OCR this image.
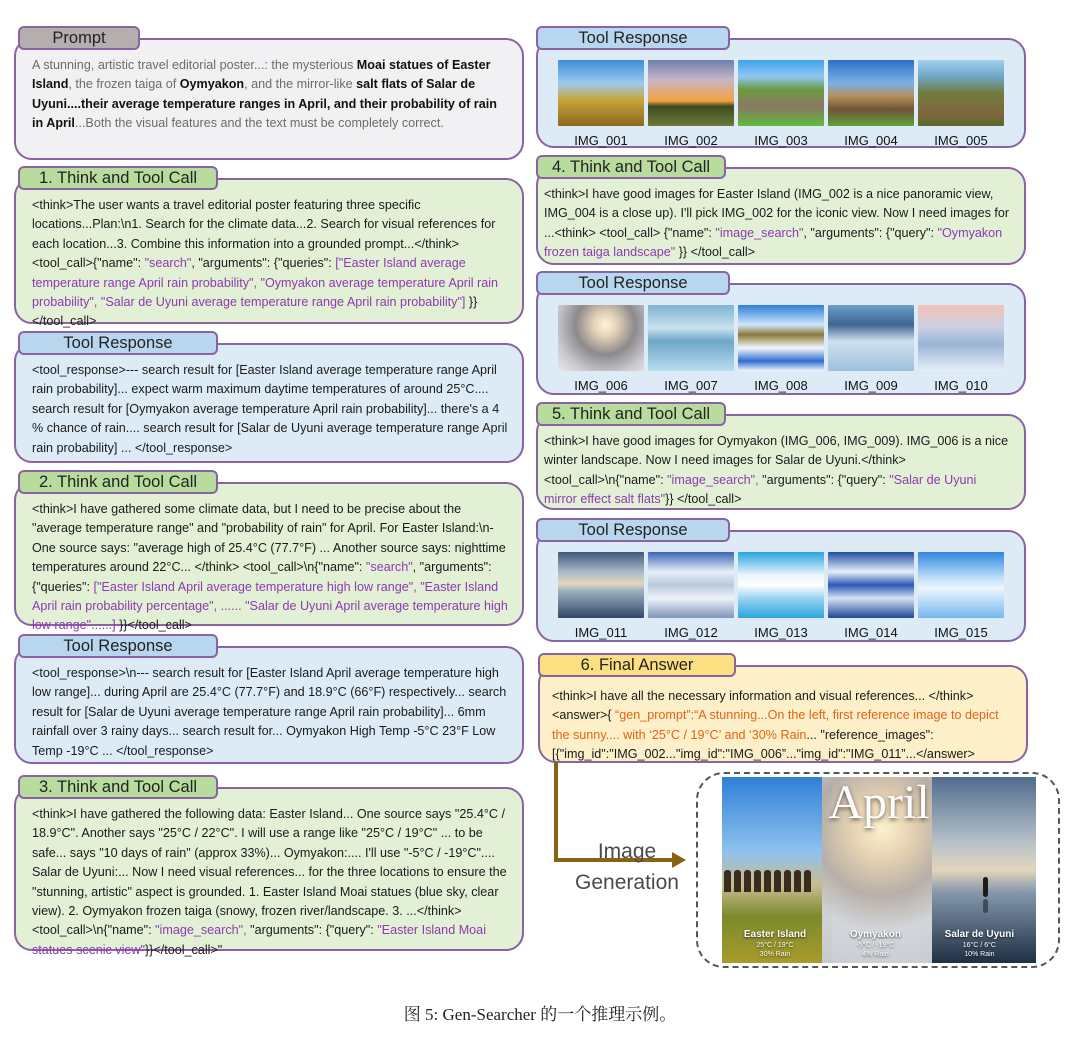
Prompt
A stunning, artistic travel editorial poster...: the mysterious Moai statues of Easter Island, the frozen taiga of Oymyakon, and the mirror-like salt flats of Salar de Uyuni....their average temperature ranges in April, and their probability of rain in April...Both the visual features and the text must be completely correct.
1. Think and Tool Call
<think>The user wants a travel editorial poster featuring three specific locations...Plan:\n1. Search for the climate data...2. Search for visual references for each location...3. Combine this information into a grounded prompt...</think> <tool_call>{"name": "search", "arguments": {"queries": ["Easter Island average temperature range April rain probability", "Oymyakon average temperature April rain probability", "Salar de Uyuni average temperature range April rain probability"] }}</tool_call>
Tool Response
<tool_response>--- search result for [Easter Island average temperature range April rain probability]... expect warm maximum daytime temperatures of around 25°C.... search result for [Oymyakon average temperature April rain probability]... there's a 4 % chance of rain.... search result for [Salar de Uyuni average temperature range April rain probability] ... </tool_response>
2. Think and Tool Call
<think>I have gathered some climate data, but I need to be precise about the "average temperature range" and "probability of rain" for April. For Easter Island:\n- One source says: "average high of 25.4°C (77.7°F) ... Another source says: nighttime temperatures around 22°C... </think> <tool_call>\n{"name": "search", "arguments": {"queries": ["Easter Island April average temperature high low range", "Easter Island April rain probability percentage", ...... "Salar de Uyuni April average temperature high low range"......] }}</tool_call>
Tool Response
<tool_response>\n--- search result for [Easter Island April average temperature high low range]... during April are 25.4°C (77.7°F) and 18.9°C (66°F) respectively... search result for [Salar de Uyuni average temperature range April rain probability]... 6mm rainfall over 3 rainy days... search result for... Oymyakon High Temp -5°C 23°F Low Temp -19°C ... </tool_response>
3. Think and Tool Call
<think>I have gathered the following data: Easter Island... One source says "25.4°C / 18.9°C". Another says "25°C / 22°C". I will use a range like "25°C / 19°C" ... to be safe... says "10 days of rain" (approx 33%)... Oymyakon:.... I'll use "-5°C / -19°C".... Salar de Uyuni:... Now I need visual references... for the three locations to ensure the "stunning, artistic" aspect is grounded. 1. Easter Island Moai statues (blue sky, clear view). 2. Oymyakon frozen taiga (snowy, frozen river/landscape. 3. ...</think> <tool_call>\n{"name": "image_search", "arguments": {"query": "Easter Island Moai statues scenic view"}}</tool_call>"
Tool Response
IMG_001	IMG_002	IMG_003	IMG_004	IMG_005
4. Think and Tool Call
<think>I have good images for Easter Island (IMG_002 is a nice panoramic view, IMG_004 is a close up). I'll pick IMG_002 for the iconic view. Now I need images for ...<think> <tool_call> {"name": "image_search", "arguments": {"query": "Oymyakon frozen taiga landscape" }} </tool_call>
Tool Response
IMG_006	IMG_007	IMG_008	IMG_009	IMG_010
5. Think and Tool Call
<think>I have good images for Oymyakon (IMG_006, IMG_009). IMG_006 is a nice winter landscape. Now I need images for Salar de Uyuni.</think> <tool_call>\n{"name": "image_search", "arguments": {"query": "Salar de Uyuni mirror effect salt flats"}} </tool_call>
Tool Response
IMG_011	IMG_012	IMG_013	IMG_014	IMG_015
6. Final Answer
<think>I have all the necessary information and visual references... </think> <answer>{ “gen_prompt”:“A stunning...On the left, first reference image to depict the sunny.... with ‘25°C / 19°C’ and ‘30% Rain... "reference_images": [{"img_id":"IMG_002..."img_id":"IMG_006”..."img_id":"IMG_011”...</answer>
Image
Generation
April
Easter Island
25°C / 19°C
30% Rain
Oymyakon
-5°C / -19°C
4% Rain
Salar de Uyuni
16°C / 6°C
10% Rain
图 5: Gen-Searcher 的一个推理示例。
